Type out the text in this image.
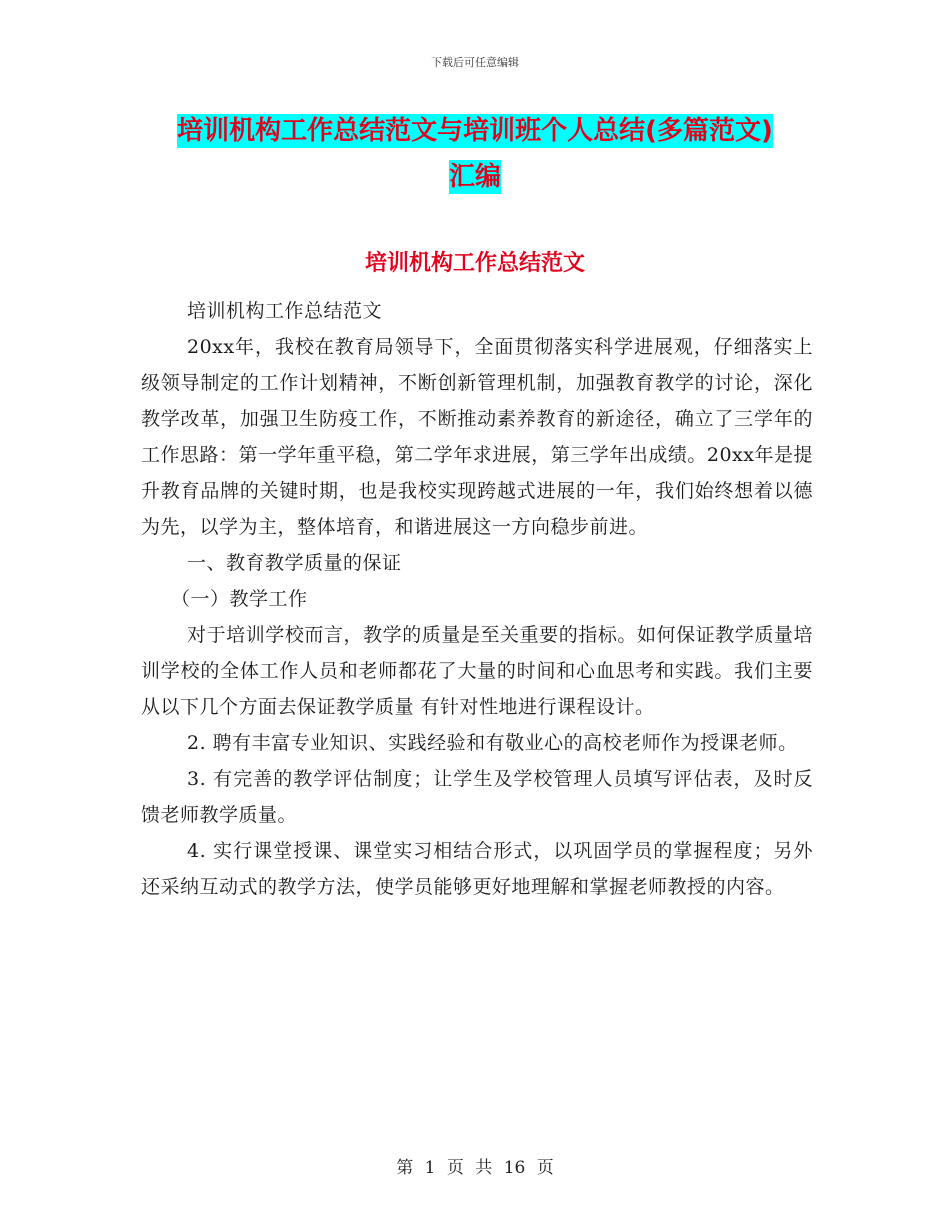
下载后可任意编辑
培训机构工作总结范文与培训班个人总结(多篇范文)
汇编
培训机构工作总结范文

培训机构工作总结范文

20xx年，我校在教育局领导下，全面贯彻落实科学进展观，仔细落实上级领导制定的工作计划精神，不断创新管理机制，加强教育教学的讨论，深化教学改革，加强卫生防疫工作，不断推动素养教育的新途径，确立了三学年的工作思路：第一学年重平稳，第二学年求进展，第三学年出成绩。20xx年是提升教育品牌的关键时期，也是我校实现跨越式进展的一年，我们始终想着以德为先，以学为主，整体培育，和谐进展这一方向稳步前进。

一、教育教学质量的保证

（一）教学工作

对于培训学校而言，教学的质量是至关重要的指标。如何保证教学质量培训学校的全体工作人员和老师都花了大量的时间和心血思考和实践。我们主要从以下几个方面去保证教学质量 有针对性地进行课程设计。

2. 聘有丰富专业知识、实践经验和有敬业心的高校老师作为授课老师。

3. 有完善的教学评估制度；让学生及学校管理人员填写评估表，及时反馈老师教学质量。

4. 实行课堂授课、课堂实习相结合形式，以巩固学员的掌握程度；另外还采纳互动式的教学方法，使学员能够更好地理解和掌握老师教授的内容。

第 1 页 共 16 页
